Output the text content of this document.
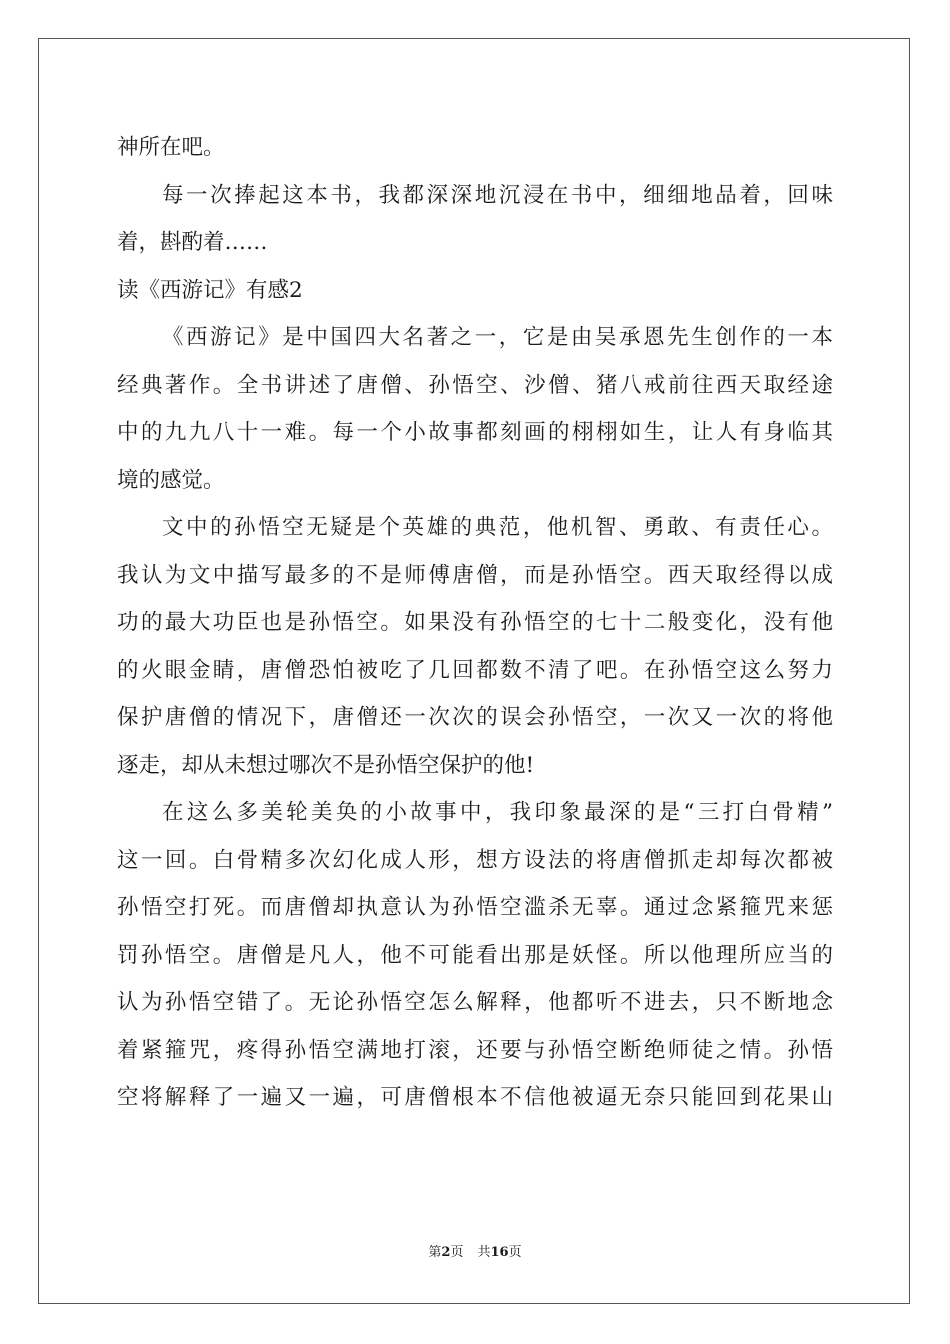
神所在吧。
每一次捧起这本书，我都深深地沉浸在书中，细细地品着，回味
着，斟酌着……
读《西游记》有感2
《西游记》是中国四大名著之一，它是由吴承恩先生创作的一本
经典著作。全书讲述了唐僧、孙悟空、沙僧、猪八戒前往西天取经途
中的九九八十一难。每一个小故事都刻画的栩栩如生，让人有身临其
境的感觉。
文中的孙悟空无疑是个英雄的典范，他机智、勇敢、有责任心。
我认为文中描写最多的不是师傅唐僧，而是孙悟空。西天取经得以成
功的最大功臣也是孙悟空。如果没有孙悟空的七十二般变化，没有他
的火眼金睛，唐僧恐怕被吃了几回都数不清了吧。在孙悟空这么努力
保护唐僧的情况下，唐僧还一次次的误会孙悟空，一次又一次的将他
逐走，却从未想过哪次不是孙悟空保护的他!
在这么多美轮美奂的小故事中，我印象最深的是“三打白骨精”
这一回。白骨精多次幻化成人形，想方设法的将唐僧抓走却每次都被
孙悟空打死。而唐僧却执意认为孙悟空滥杀无辜。通过念紧箍咒来惩
罚孙悟空。唐僧是凡人，他不可能看出那是妖怪。所以他理所应当的
认为孙悟空错了。无论孙悟空怎么解释，他都听不进去，只不断地念
着紧箍咒，疼得孙悟空满地打滚，还要与孙悟空断绝师徒之情。孙悟
空将解释了一遍又一遍，可唐僧根本不信他被逼无奈只能回到花果山
第2页 共16页
